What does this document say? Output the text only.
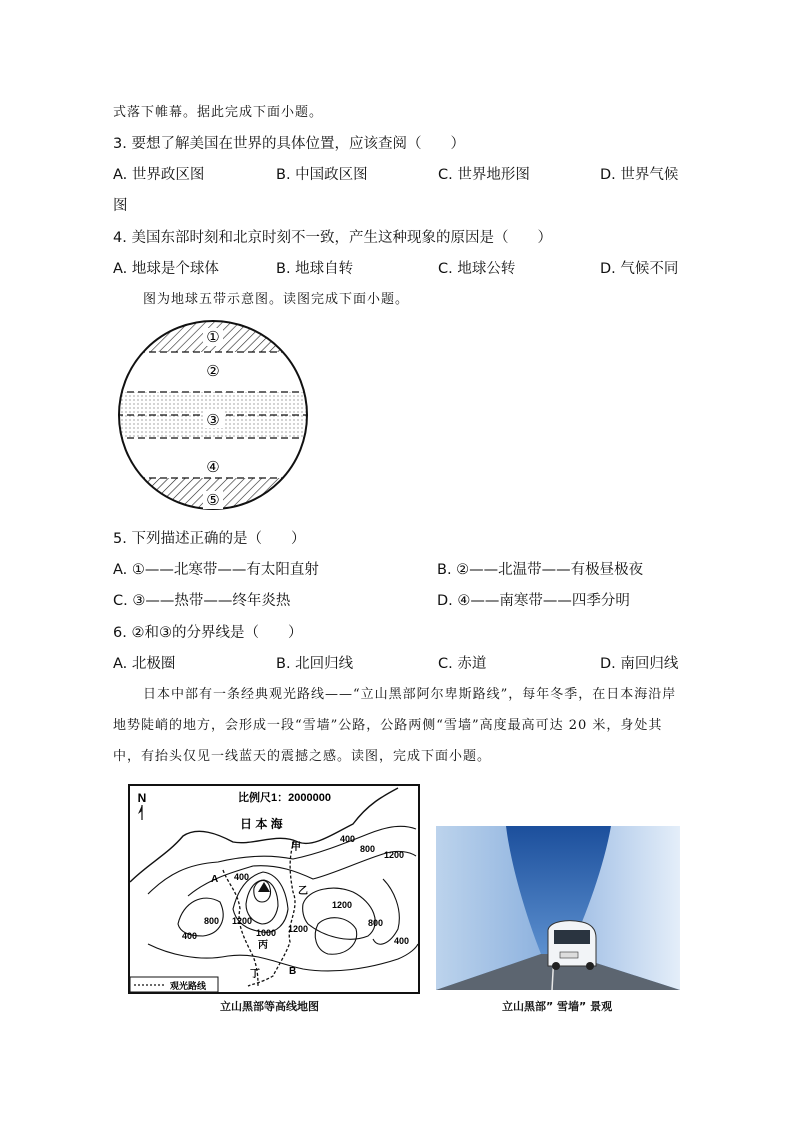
式落下帷幕。据此完成下面小题。
3. 要想了解美国在世界的具体位置，应该查阅（　　）
A. 世界政区图	B. 中国政区图	C. 世界地形图	D. 世界气候
图
4. 美国东部时刻和北京时刻不一致，产生这种现象的原因是（　　）
A. 地球是个球体	B. 地球自转	C. 地球公转	D. 气候不同
图为地球五带示意图。读图完成下面小题。
①
②
③
④
⑤
5. 下列描述正确的是（　　）
A. ①——北寒带——有太阳直射	B. ②——北温带——有极昼极夜
C. ③——热带——终年炎热	D. ④——南寒带——四季分明
6. ②和③的分界线是（　　）
A. 北极圈	B. 北回归线	C. 赤道	D. 南回归线
日本中部有一条经典观光路线——“立山黑部阿尔卑斯路线”，每年冬季，在日本海沿岸
地势陡峭的地方，会形成一段“雪墙”公路，公路两侧“雪墙”高度最高可达 20 米，身处其
中，有抬头仅见一线蓝天的震撼之感。读图，完成下面小题。
N	比例尺1：2000000
日 本 海
400
800
1200
1000
1200
800
1200
400
800
400
1200
400
甲
乙
丙
丁
A
B
观光路线
立山黑部等高线地图	立山黑部” 雪墙” 景观
